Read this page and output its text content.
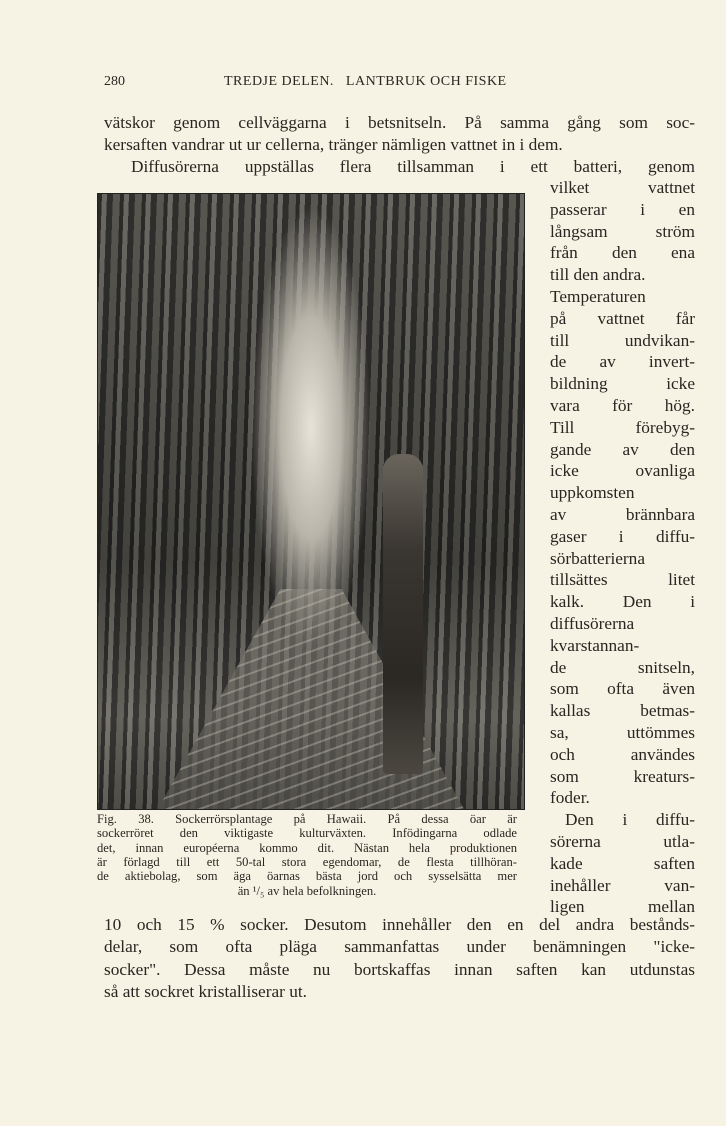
280	TREDJE DELEN.   LANTBRUK OCH FISKE
vätskor genom cellväggarna i betsnitseln. På samma gång som soc-
kersaften vandrar ut ur cellerna, tränger nämligen vattnet in i dem.
Diffusörerna uppställas flera tillsamman i ett batteri, genom
vilket vattnet
passerar i en
långsam ström
från den ena
till den andra.
Temperaturen
på vattnet får
till undvikan-
de av invert-
bildning icke
vara för hög.
Till förebyg-
gande av den
icke ovanliga
uppkomsten
av brännbara
gaser i diffu-
sörbatterierna
tillsättes litet
kalk. Den i
diffusörerna
kvarstannan-
de snitseln,
som ofta även
kallas betmas-
sa, uttömmes
och användes
som kreaturs-
foder.
Den i diffu-
sörerna utla-
kade saften
inehåller van-
ligen mellan
10 och 15 % socker. Desutom innehåller den en del andra bestånds-
delar, som ofta pläga sammanfattas under benämningen "icke-
socker". Dessa måste nu bortskaffas innan saften kan utdunstas
så att sockret kristalliserar ut.
Fig. 38. Sockerrörsplantage på Hawaii. På dessa öar är
sockerröret den viktigaste kulturväxten. Infödingarna odlade
det, innan européerna kommo dit. Nästan hela produktionen
är förlagd till ett 50-tal stora egendomar, de flesta tillhöran-
de aktiebolag, som äga öarnas bästa jord och sysselsätta mer
än ¹/₅ av hela befolkningen.
